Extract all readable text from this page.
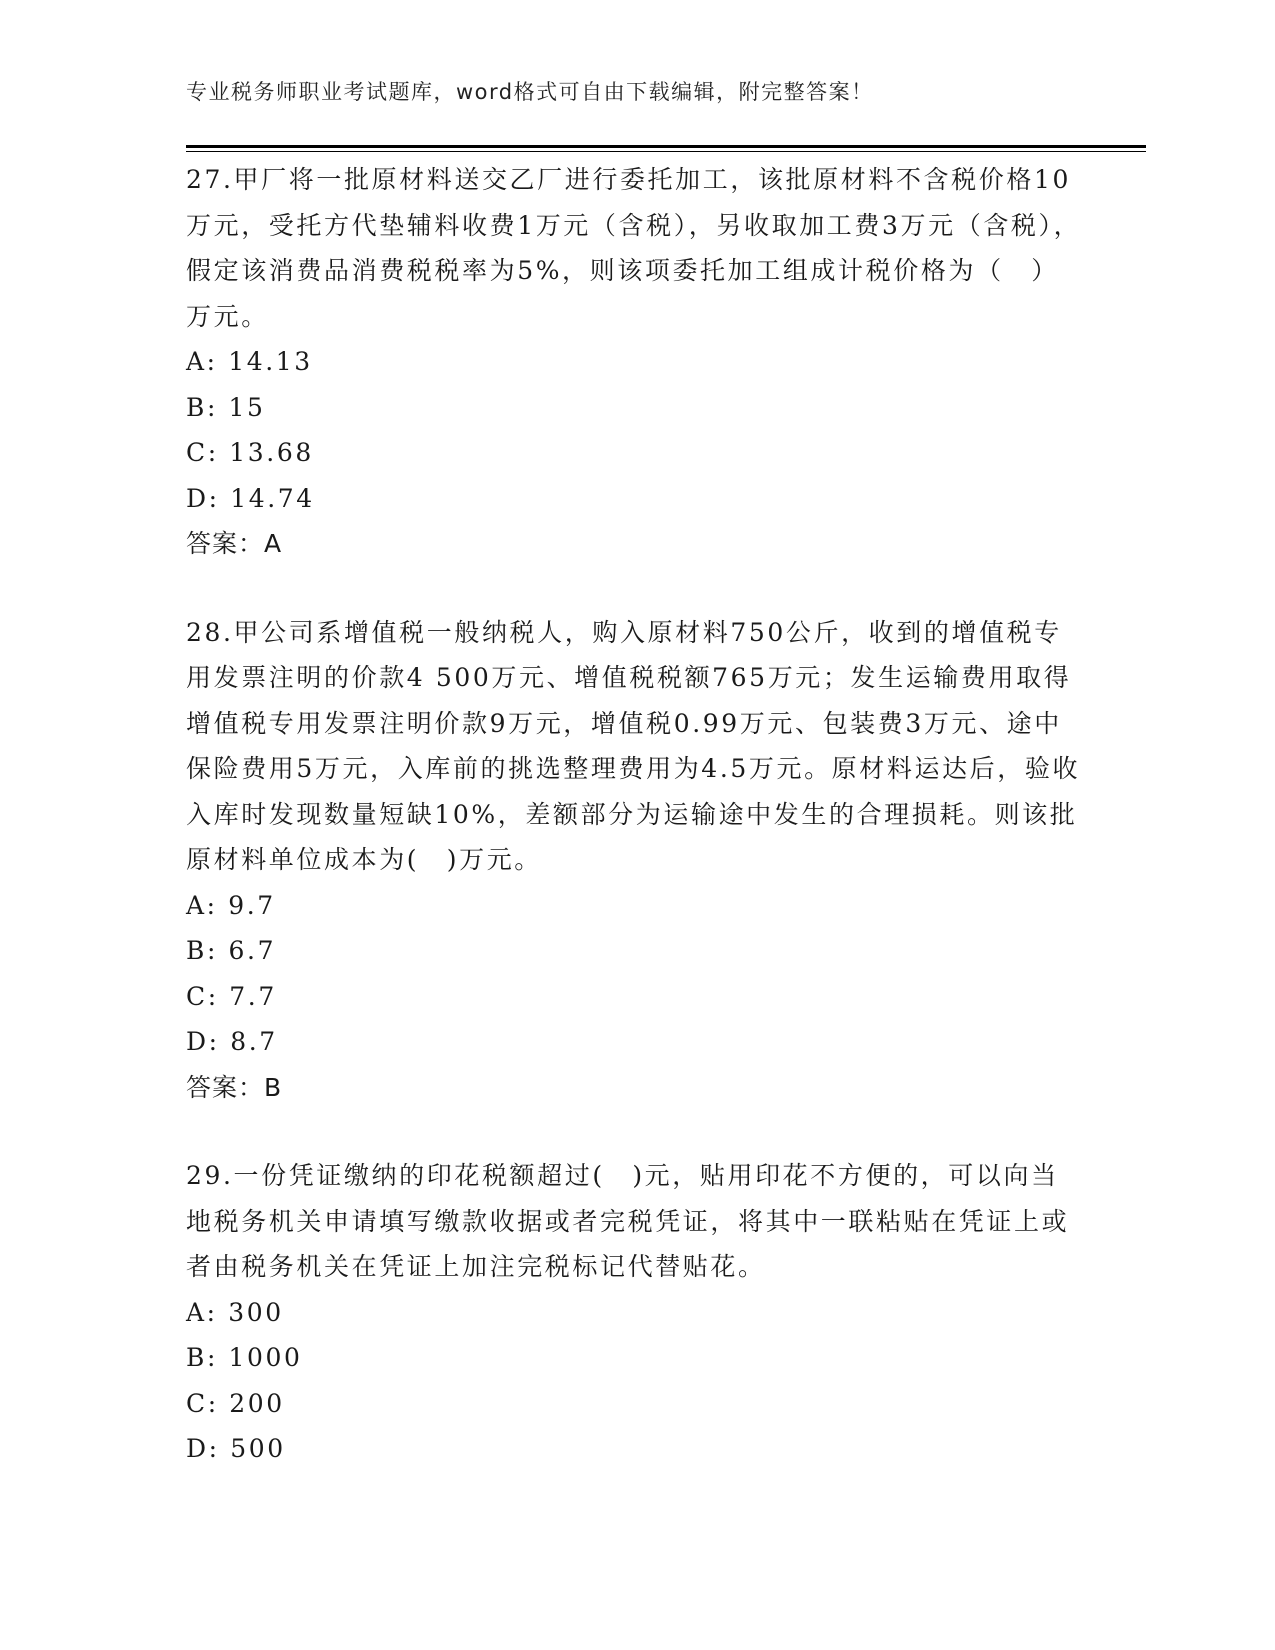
专业税务师职业考试题库，word格式可自由下载编辑，附完整答案！

27.甲厂将一批原材料送交乙厂进行委托加工，该批原材料不含税价格10万元，受托方代垫辅料收费1万元（含税），另收取加工费3万元（含税），假定该消费品消费税税率为5%，则该项委托加工组成计税价格为（　）万元。

A: 14.13

B: 15

C: 13.68

D: 14.74

答案：A

28.甲公司系增值税一般纳税人，购入原材料750公斤，收到的增值税专用发票注明的价款4 500万元、增值税税额765万元；发生运输费用取得增值税专用发票注明价款9万元，增值税0.99万元、包装费3万元、途中保险费用5万元，入库前的挑选整理费用为4.5万元。原材料运达后，验收入库时发现数量短缺10%，差额部分为运输途中发生的合理损耗。则该批原材料单位成本为(　)万元。

A: 9.7

B: 6.7

C: 7.7

D: 8.7

答案：B

29.一份凭证缴纳的印花税额超过(　)元，贴用印花不方便的，可以向当地税务机关申请填写缴款收据或者完税凭证，将其中一联粘贴在凭证上或者由税务机关在凭证上加注完税标记代替贴花。

A: 300

B: 1000

C: 200

D: 500
